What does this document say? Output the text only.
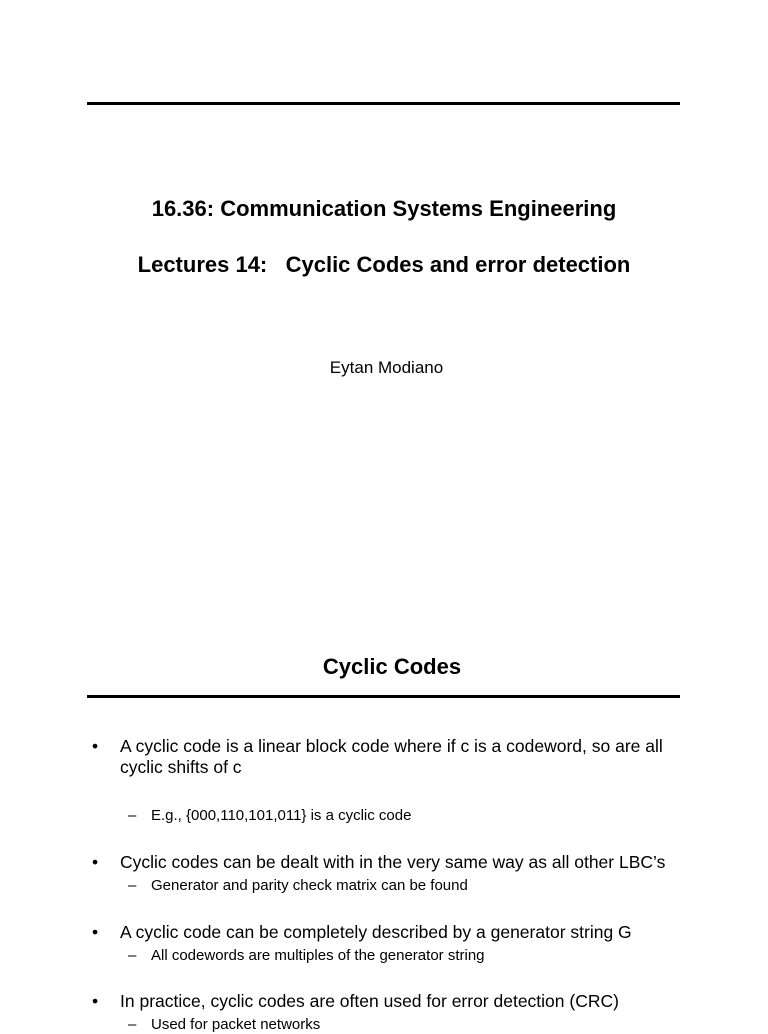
16.36: Communication Systems Engineering
Lectures 14:   Cyclic Codes and error detection
Eytan Modiano
Cyclic Codes
•	A cyclic code is a linear block code where if c is a codeword, so are all cyclic shifts of c
– E.g., {000,110,101,011} is a cyclic code
•	Cyclic codes can be dealt with in the very same way as all other LBC’s
– Generator and parity check matrix can be found
•	A cyclic code can be completely described by a generator string G
– All codewords are multiples of the generator string
•	In practice, cyclic codes are often used for error detection (CRC)
– Used for packet networks
